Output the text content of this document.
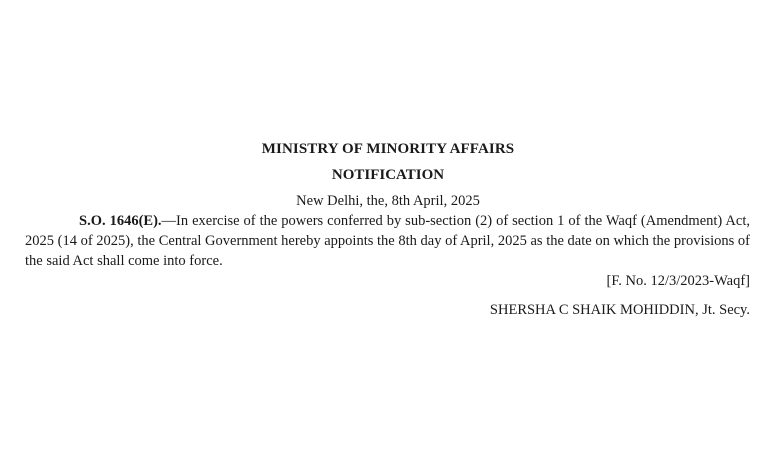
MINISTRY OF MINORITY AFFAIRS
NOTIFICATION
New Delhi, the, 8th April, 2025

S.O. 1646(E).—In exercise of the powers conferred by sub-section (2) of section 1 of the Waqf (Amendment) Act, 2025 (14 of 2025), the Central Government hereby appoints the 8th day of April, 2025 as the date on which the provisions of the said Act shall come into force.

[F. No. 12/3/2023-Waqf]
SHERSHA C SHAIK MOHIDDIN, Jt. Secy.
